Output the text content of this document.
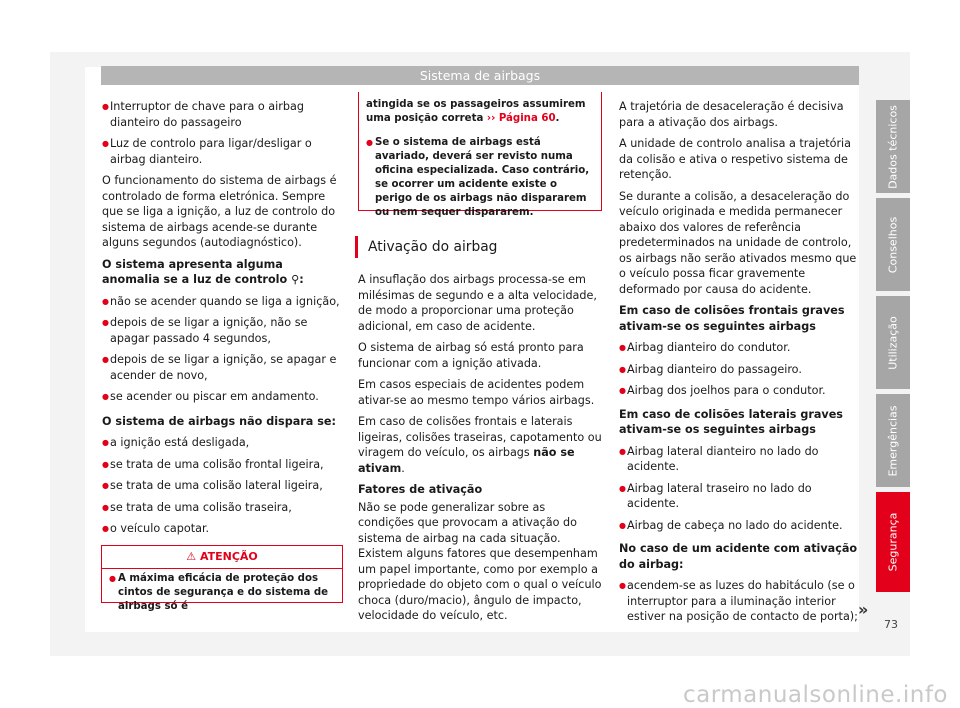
Sistema de airbags
Dados técnicos
Conselhos
Utilização
Emergências
Segurança

● Interruptor de chave para o airbag dianteiro do passageiro

● Luz de controlo para ligar/desligar o airbag dianteiro.

O funcionamento do sistema de airbags é controlado de forma eletrónica. Sempre que se liga a ignição, a luz de controlo do sistema de airbags acende-se durante alguns segundos (autodiagnóstico).

O sistema apresenta alguma anomalia se a luz de controlo ⚲:

● não se acender quando se liga a ignição,

● depois de se ligar a ignição, não se apagar passado 4 segundos,

● depois de se ligar a ignição, se apagar e acender de novo,

● se acender ou piscar em andamento.

O sistema de airbags não dispara se:

● a ignição está desligada,

● se trata de uma colisão frontal ligeira,

● se trata de uma colisão lateral ligeira,

● se trata de uma colisão traseira,

● o veículo capotar.

⚠ ATENÇÃO
● A máxima eficácia de proteção dos cintos de segurança e do sistema de airbags só é
atingida se os passageiros assumirem uma posição correta ›› Página 60.
● Se o sistema de airbags está avariado, deverá ser revisto numa oficina especializada. Caso contrário, se ocorrer um acidente existe o perigo de os airbags não dispararem ou nem sequer dispararem.
Ativação do airbag

A insuflação dos airbags processa-se em milésimas de segundo e a alta velocidade, de modo a proporcionar uma proteção adicional, em caso de acidente.

O sistema de airbag só está pronto para funcionar com a ignição ativada.

Em casos especiais de acidentes podem ativar-se ao mesmo tempo vários airbags.

Em caso de colisões frontais e laterais ligeiras, colisões traseiras, capotamento ou viragem do veículo, os airbags não se ativam.

Fatores de ativação

Não se pode generalizar sobre as condições que provocam a ativação do sistema de airbag na cada situação. Existem alguns fatores que desempenham um papel importante, como por exemplo a propriedade do objeto com o qual o veículo choca (duro/macio), ângulo de impacto, velocidade do veículo, etc.

A trajetória de desaceleração é decisiva para a ativação dos airbags.

A unidade de controlo analisa a trajetória da colisão e ativa o respetivo sistema de retenção.

Se durante a colisão, a desaceleração do veículo originada e medida permanecer abaixo dos valores de referência predeterminados na unidade de controlo, os airbags não serão ativados mesmo que o veículo possa ficar gravemente deformado por causa do acidente.

Em caso de colisões frontais graves ativam-se os seguintes airbags

● Airbag dianteiro do condutor.

● Airbag dianteiro do passageiro.

● Airbag dos joelhos para o condutor.

Em caso de colisões laterais graves ativam-se os seguintes airbags

● Airbag lateral dianteiro no lado do acidente.

● Airbag lateral traseiro no lado do acidente.

● Airbag de cabeça no lado do acidente.

No caso de um acidente com ativação do airbag:

● acendem-se as luzes do habitáculo (se o interruptor para a iluminação interior estiver na posição de contacto de porta); »
73
carmanualsonline.info
